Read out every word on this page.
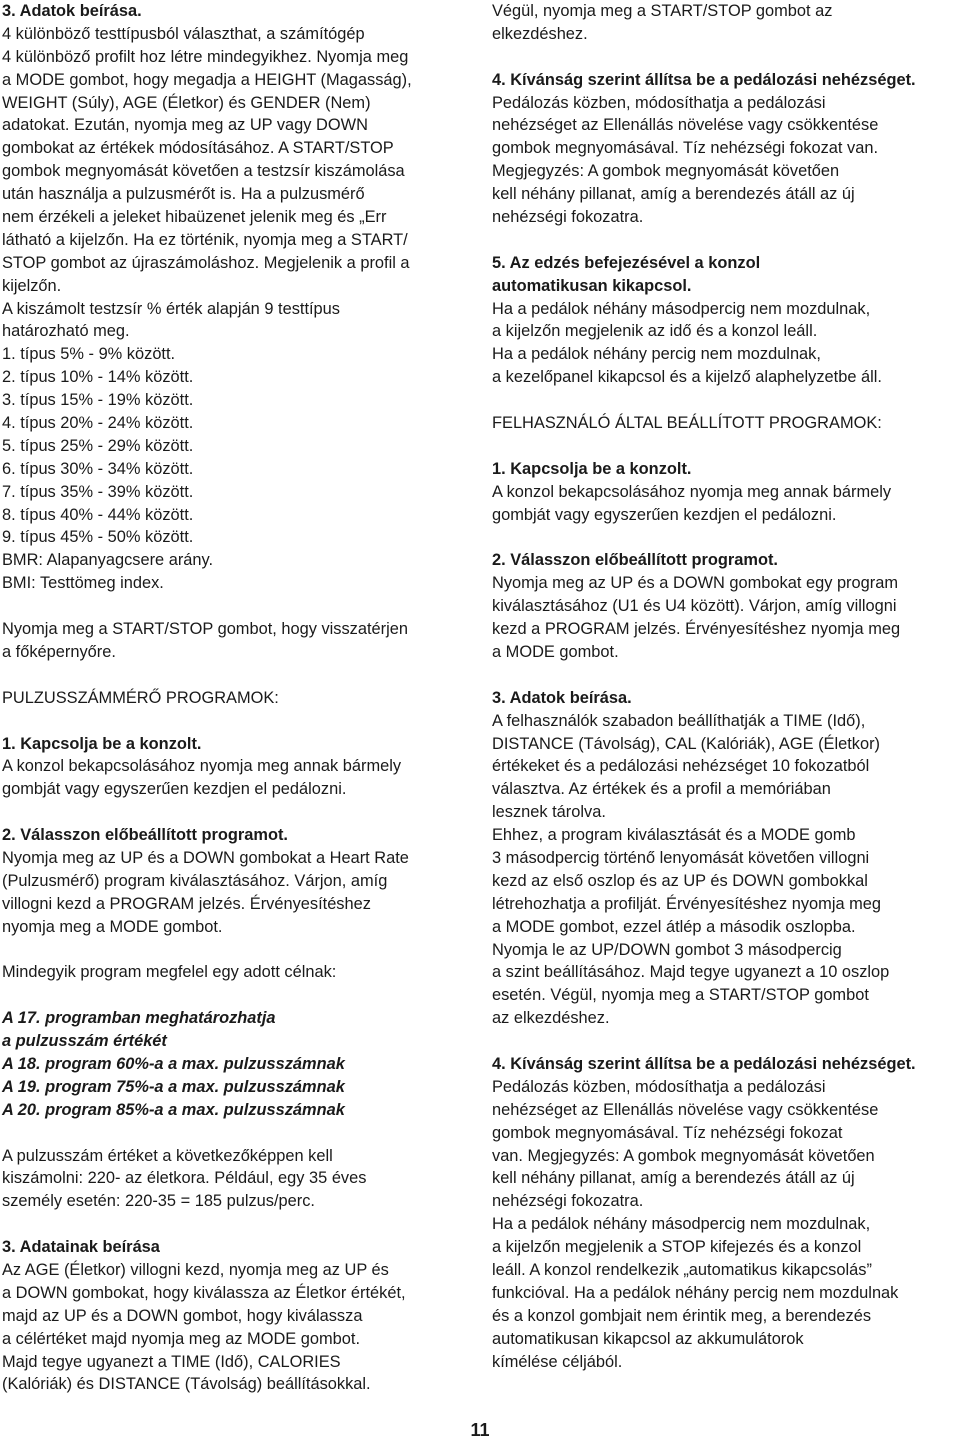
3. Adatok beírása.
4 különböző testtípusból választhat, a számítógép
4 különböző profilt hoz létre mindegyikhez. Nyomja meg
a MODE gombot, hogy megadja a HEIGHT (Magasság),
WEIGHT (Súly), AGE (Életkor) és GENDER (Nem)
adatokat. Ezután, nyomja meg az UP vagy DOWN
gombokat az értékek módosításához. A START/STOP
gombok megnyomását követően a testzsír kiszámolása
után használja a pulzusmérőt is. Ha a pulzusmérő
nem érzékeli a jeleket hibaüzenet jelenik meg és „Err
látható a kijelzőn. Ha ez történik, nyomja meg a START/
STOP gombot az újraszámoláshoz. Megjelenik a profil a
kijelzőn.
A kiszámolt testzsír % érték alapján 9 testtípus
határozható meg.
1. típus 5% - 9% között.
2. típus 10% - 14% között.
3. típus 15% - 19% között.
4. típus 20% - 24% között.
5. típus 25% - 29% között.
6. típus 30% - 34% között.
7. típus 35% - 39% között.
8. típus 40% - 44% között.
9. típus 45% - 50% között.
BMR: Alapanyagcsere arány.
BMI: Testtömeg index.
Nyomja meg a START/STOP gombot, hogy visszatérjen
a főképernyőre.
PULZUSSZÁMMÉRŐ PROGRAMOK:
1. Kapcsolja be a konzolt.
A konzol bekapcsolásához nyomja meg annak bármely
gombját vagy egyszerűen kezdjen el pedálozni.
2. Válasszon előbeállított programot.
Nyomja meg az UP és a DOWN gombokat a Heart Rate
(Pulzusmérő) program kiválasztásához. Várjon, amíg
villogni kezd a PROGRAM jelzés. Érvényesítéshez
nyomja meg a MODE gombot.
Mindegyik program megfelel egy adott célnak:
A 17. programban meghatározhatja
a pulzusszám értékét
A 18. program 60%-a a max. pulzusszámnak
A 19. program 75%-a a max. pulzusszámnak
A 20. program 85%-a a max. pulzusszámnak
A pulzusszám értéket a következőképpen kell
kiszámolni: 220- az életkora. Például, egy 35 éves
személy esetén: 220-35 = 185 pulzus/perc.
3. Adatainak beírása
Az AGE (Életkor) villogni kezd, nyomja meg az UP és
a DOWN gombokat, hogy kiválassza az Életkor értékét,
majd az UP és a DOWN gombot, hogy kiválassza
a célértéket majd nyomja meg az MODE gombot.
Majd tegye ugyanezt a TIME (Idő), CALORIES
(Kalóriák) és DISTANCE (Távolság) beállításokkal.
Végül, nyomja meg a START/STOP gombot az
elkezdéshez.
4. Kívánság szerint állítsa be a pedálozási nehézséget.
Pedálozás közben, módosíthatja a pedálozási
nehézséget az Ellenállás növelése vagy csökkentése
gombok megnyomásával. Tíz nehézségi fokozat van.
Megjegyzés: A gombok megnyomását követően
kell néhány pillanat, amíg a berendezés átáll az új
nehézségi fokozatra.
5. Az edzés befejezésével a konzol
automatikusan kikapcsol.
Ha a pedálok néhány másodpercig nem mozdulnak,
a kijelzőn megjelenik az idő és a konzol leáll.
Ha a pedálok néhány percig nem mozdulnak,
a kezelőpanel kikapcsol és a kijelző alaphelyzetbe áll.
FELHASZNÁLÓ ÁLTAL BEÁLLÍTOTT PROGRAMOK:
1. Kapcsolja be a konzolt.
A konzol bekapcsolásához nyomja meg annak bármely
gombját vagy egyszerűen kezdjen el pedálozni.
2. Válasszon előbeállított programot.
Nyomja meg az UP és a DOWN gombokat egy program
kiválasztásához (U1 és U4 között). Várjon, amíg villogni
kezd a PROGRAM jelzés. Érvényesítéshez nyomja meg
a MODE gombot.
3. Adatok beírása.
A felhasználók szabadon beállíthatják a TIME (Idő),
DISTANCE (Távolság), CAL (Kalóriák), AGE (Életkor)
értékeket és a pedálozási nehézséget 10 fokozatból
választva. Az értékek és a profil a memóriában
lesznek tárolva.
Ehhez, a program kiválasztását és a MODE gomb
3 másodpercig történő lenyomását követően villogni
kezd az első oszlop és az UP és DOWN gombokkal
létrehozhatja a profilját. Érvényesítéshez nyomja meg
a MODE gombot, ezzel átlép a második oszlopba.
Nyomja le az UP/DOWN gombot 3 másodpercig
a szint beállításához. Majd tegye ugyanezt a 10 oszlop
esetén. Végül, nyomja meg a START/STOP gombot
az elkezdéshez.
4. Kívánság szerint állítsa be a pedálozási nehézséget.
Pedálozás közben, módosíthatja a pedálozási
nehézséget az Ellenállás növelése vagy csökkentése
gombok megnyomásával. Tíz nehézségi fokozat
van. Megjegyzés: A gombok megnyomását követően
kell néhány pillanat, amíg a berendezés átáll az új
nehézségi fokozatra.
Ha a pedálok néhány másodpercig nem mozdulnak,
a kijelzőn megjelenik a STOP kifejezés és a konzol
leáll. A konzol rendelkezik „automatikus kikapcsolás”
funkcióval. Ha a pedálok néhány percig nem mozdulnak
és a konzol gombjait nem érintik meg, a berendezés
automatikusan kikapcsol az akkumulátorok
kímélése céljából.
11
